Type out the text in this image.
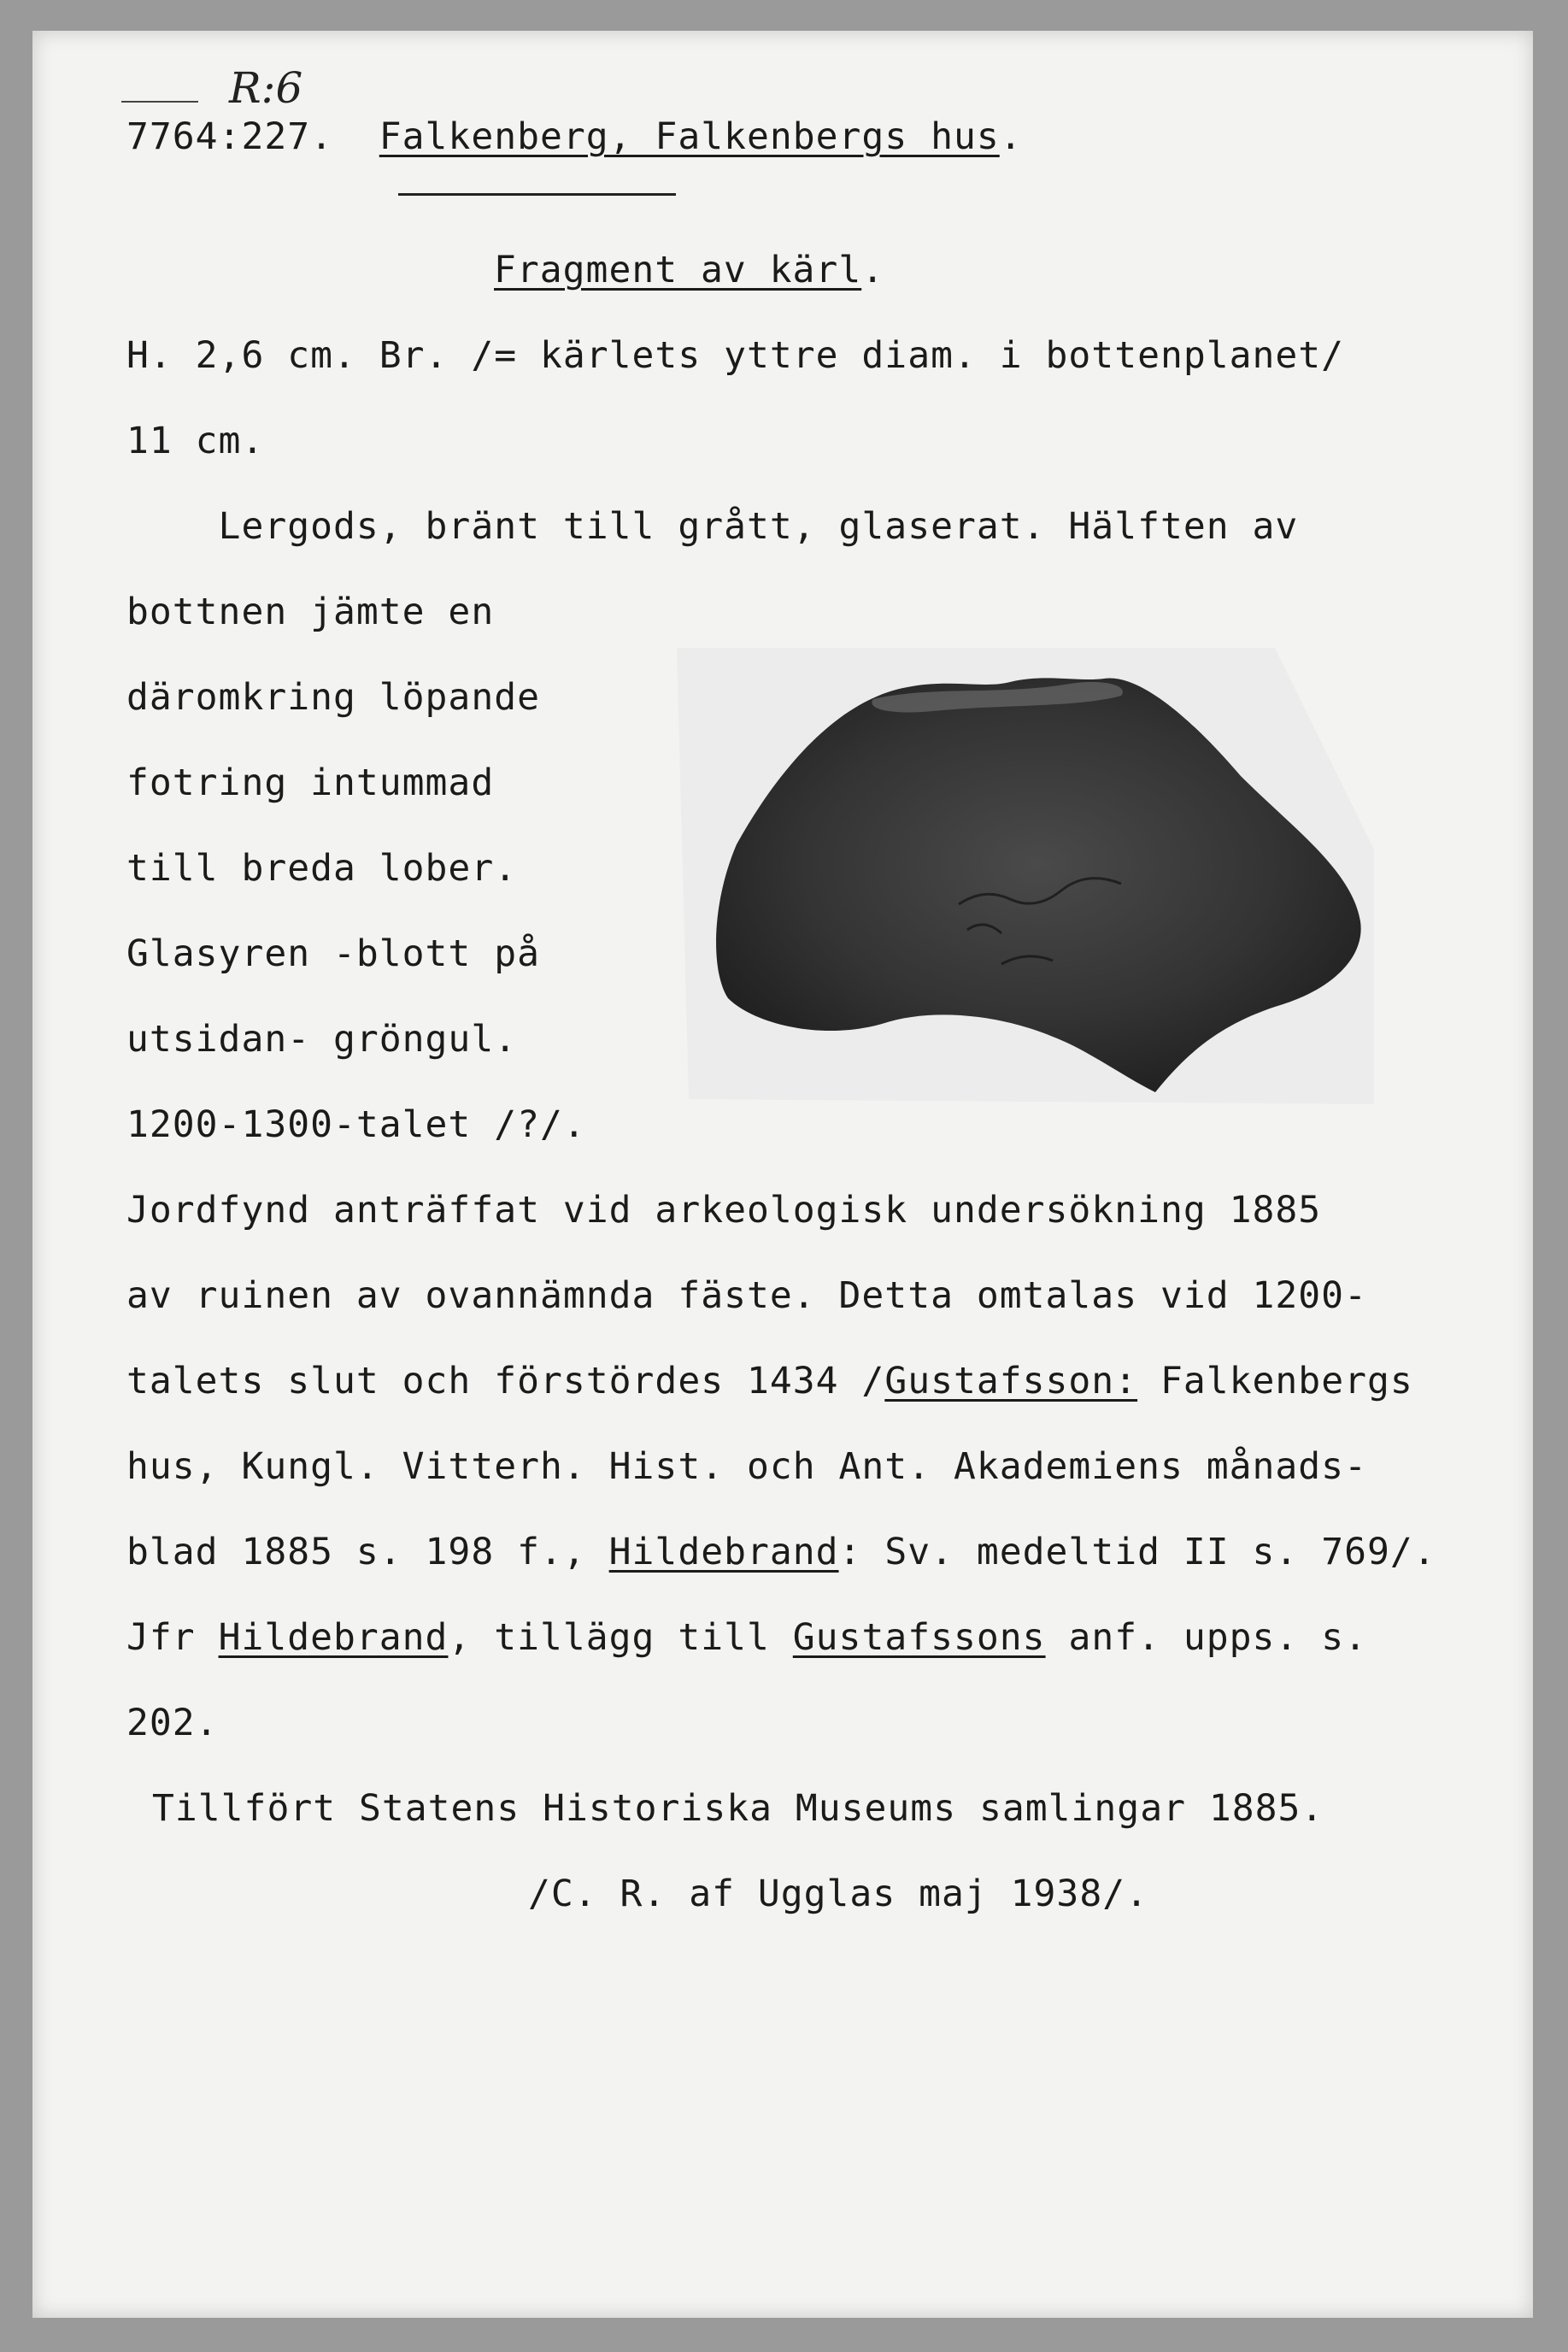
R:6
7764:227. Falkenberg, Falkenbergs hus.
Fragment av kärl.
H. 2,6 cm. Br. /= kärlets yttre diam. i bottenplanet/
11 cm.
Lergods, bränt till grått, glaserat. Hälften av
bottnen jämte en
däromkring löpande
fotring intummad
till breda lober.
Glasyren -blott på
utsidan- gröngul.
1200-1300-talet /?/.
Jordfynd anträffat vid arkeologisk undersökning 1885
av ruinen av ovannämnda fäste. Detta omtalas vid 1200-
talets slut och förstördes 1434 /Gustafsson: Falkenbergs
hus, Kungl. Vitterh. Hist. och Ant. Akademiens månads-
blad 1885 s. 198 f., Hildebrand: Sv. medeltid II s. 769/.
Jfr Hildebrand, tillägg till Gustafssons anf. upps. s.
202.
Tillfört Statens Historiska Museums samlingar 1885.
/C. R. af Ugglas maj 1938/.
